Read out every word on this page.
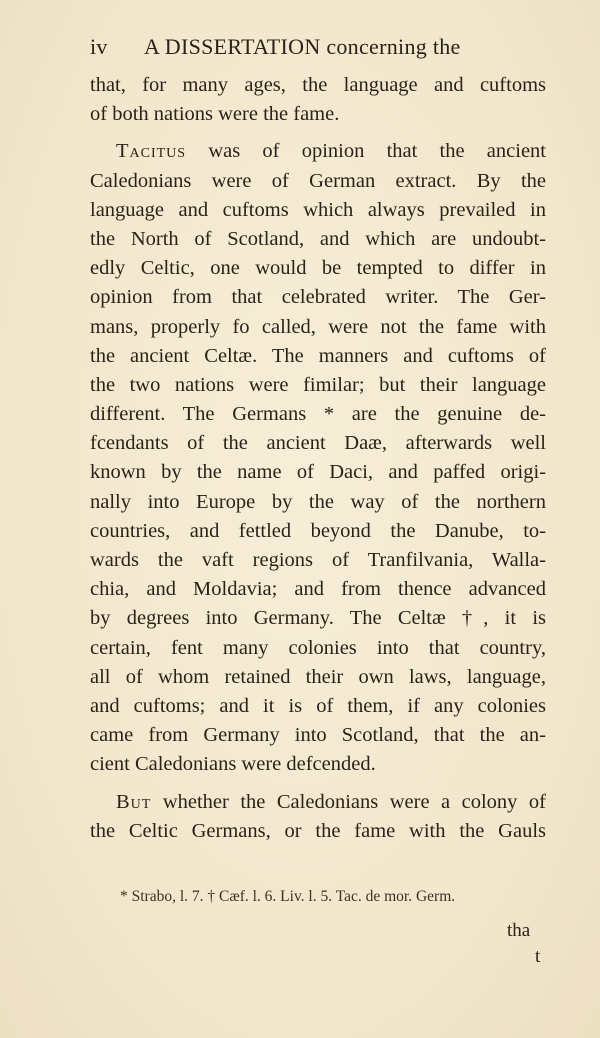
iv A DISSERTATION concerning the
that, for many ages, the language and cuftoms
of both nations were the fame.
Tacitus was of opinion that the ancient
Caledonians were of German extract. By the
language and cuftoms which always prevailed in
the North of Scotland, and which are undoubt-
edly Celtic, one would be tempted to differ in
opinion from that celebrated writer. The Ger-
mans, properly fo called, were not the fame with
the ancient Celtæ. The manners and cuftoms of
the two nations were fimilar; but their language
different. The Germans * are the genuine de-
fcendants of the ancient Daæ, afterwards well
known by the name of Daci, and paffed origi-
nally into Europe by the way of the northern
countries, and fettled beyond the Danube, to-
wards the vaft regions of Tranfilvania, Walla-
chia, and Moldavia; and from thence advanced
by degrees into Germany. The Celtæ †, it is
certain, fent many colonies into that country,
all of whom retained their own laws, language,
and cuftoms; and it is of them, if any colonies
came from Germany into Scotland, that the an-
cient Caledonians were defcended.
But whether the Caledonians were a colony of
the Celtic Germans, or the fame with the Gauls
* Strabo, l. 7. † Cæf. l. 6. Liv. l. 5. Tac. de mor. Germ.
tha
t
